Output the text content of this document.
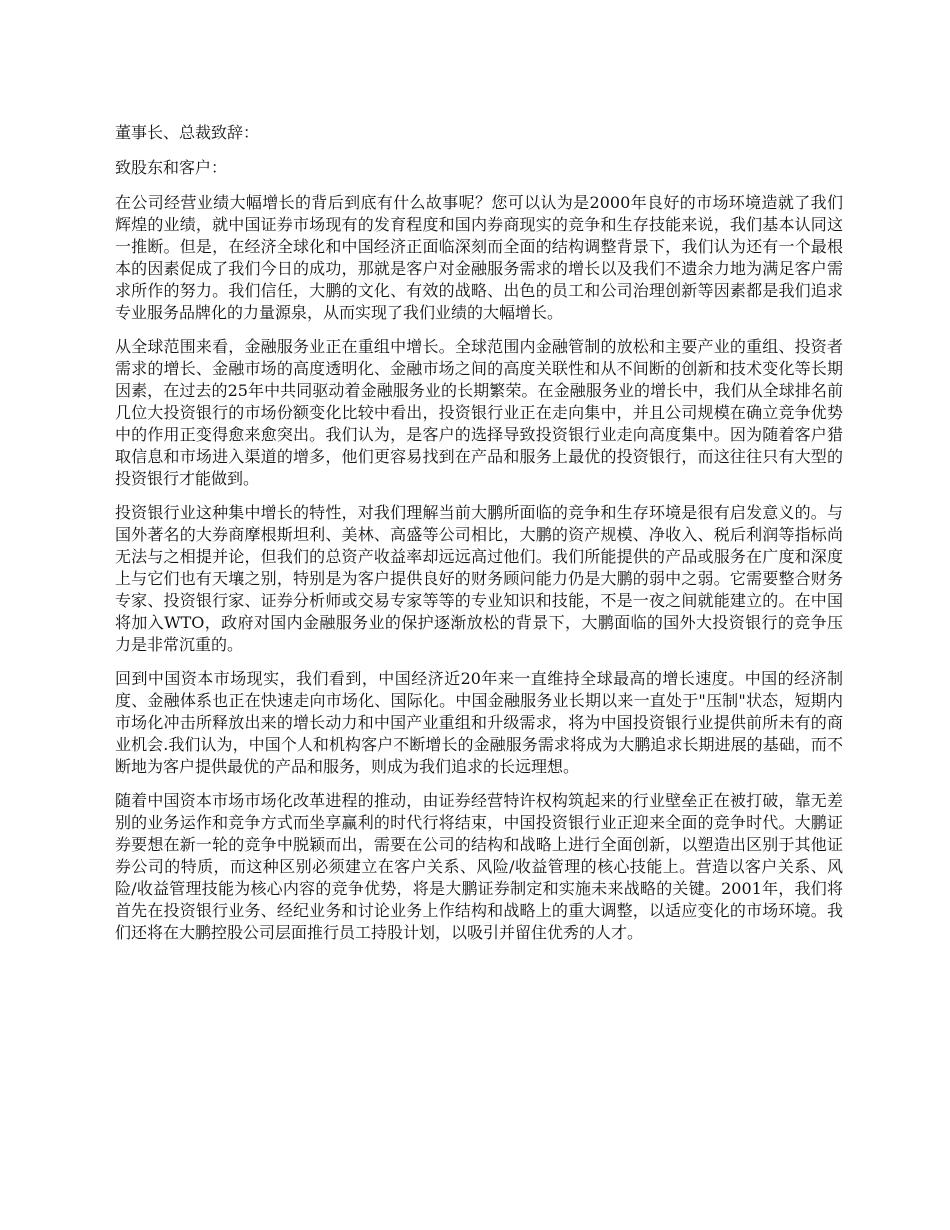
董事长、总裁致辞：

致股东和客户：

在公司经营业绩大幅增长的背后到底有什么故事呢？您可以认为是2000年良好的市场环境造就了我们辉煌的业绩，就中国证券市场现有的发育程度和国内券商现实的竞争和生存技能来说，我们基本认同这一推断。但是，在经济全球化和中国经济正面临深刻而全面的结构调整背景下，我们认为还有一个最根本的因素促成了我们今日的成功，那就是客户对金融服务需求的增长以及我们不遗余力地为满足客户需求所作的努力。我们信任，大鹏的文化、有效的战略、出色的员工和公司治理创新等因素都是我们追求专业服务品牌化的力量源泉，从而实现了我们业绩的大幅增长。

从全球范围来看，金融服务业正在重组中增长。全球范围内金融管制的放松和主要产业的重组、投资者需求的增长、金融市场的高度透明化、金融市场之间的高度关联性和从不间断的创新和技术变化等长期因素，在过去的25年中共同驱动着金融服务业的长期繁荣。在金融服务业的增长中，我们从全球排名前几位大投资银行的市场份额变化比较中看出，投资银行业正在走向集中，并且公司规模在确立竞争优势中的作用正变得愈来愈突出。我们认为，是客户的选择导致投资银行业走向高度集中。因为随着客户猎取信息和市场进入渠道的增多，他们更容易找到在产品和服务上最优的投资银行，而这往往只有大型的投资银行才能做到。

投资银行业这种集中增长的特性，对我们理解当前大鹏所面临的竞争和生存环境是很有启发意义的。与国外著名的大券商摩根斯坦利、美林、高盛等公司相比，大鹏的资产规模、净收入、税后利润等指标尚无法与之相提并论，但我们的总资产收益率却远远高过他们。我们所能提供的产品或服务在广度和深度上与它们也有天壤之别，特别是为客户提供良好的财务顾问能力仍是大鹏的弱中之弱。它需要整合财务专家、投资银行家、证券分析师或交易专家等等的专业知识和技能，不是一夜之间就能建立的。在中国将加入WTO，政府对国内金融服务业的保护逐渐放松的背景下，大鹏面临的国外大投资银行的竞争压力是非常沉重的。

回到中国资本市场现实，我们看到，中国经济近20年来一直维持全球最高的增长速度。中国的经济制度、金融体系也正在快速走向市场化、国际化。中国金融服务业长期以来一直处于"压制"状态，短期内市场化冲击所释放出来的增长动力和中国产业重组和升级需求，将为中国投资银行业提供前所未有的商业机会.我们认为，中国个人和机构客户不断增长的金融服务需求将成为大鹏追求长期进展的基础，而不断地为客户提供最优的产品和服务，则成为我们追求的长远理想。

随着中国资本市场市场化改革进程的推动，由证券经营特许权构筑起来的行业壁垒正在被打破，靠无差别的业务运作和竞争方式而坐享赢利的时代行将结束，中国投资银行业正迎来全面的竞争时代。大鹏证券要想在新一轮的竞争中脱颖而出，需要在公司的结构和战略上进行全面创新，以塑造出区别于其他证券公司的特质，而这种区别必须建立在客户关系、风险/收益管理的核心技能上。营造以客户关系、风险/收益管理技能为核心内容的竞争优势，将是大鹏证券制定和实施未来战略的关键。2001年，我们将首先在投资银行业务、经纪业务和讨论业务上作结构和战略上的重大调整，以适应变化的市场环境。我们还将在大鹏控股公司层面推行员工持股计划，以吸引并留住优秀的人才。
